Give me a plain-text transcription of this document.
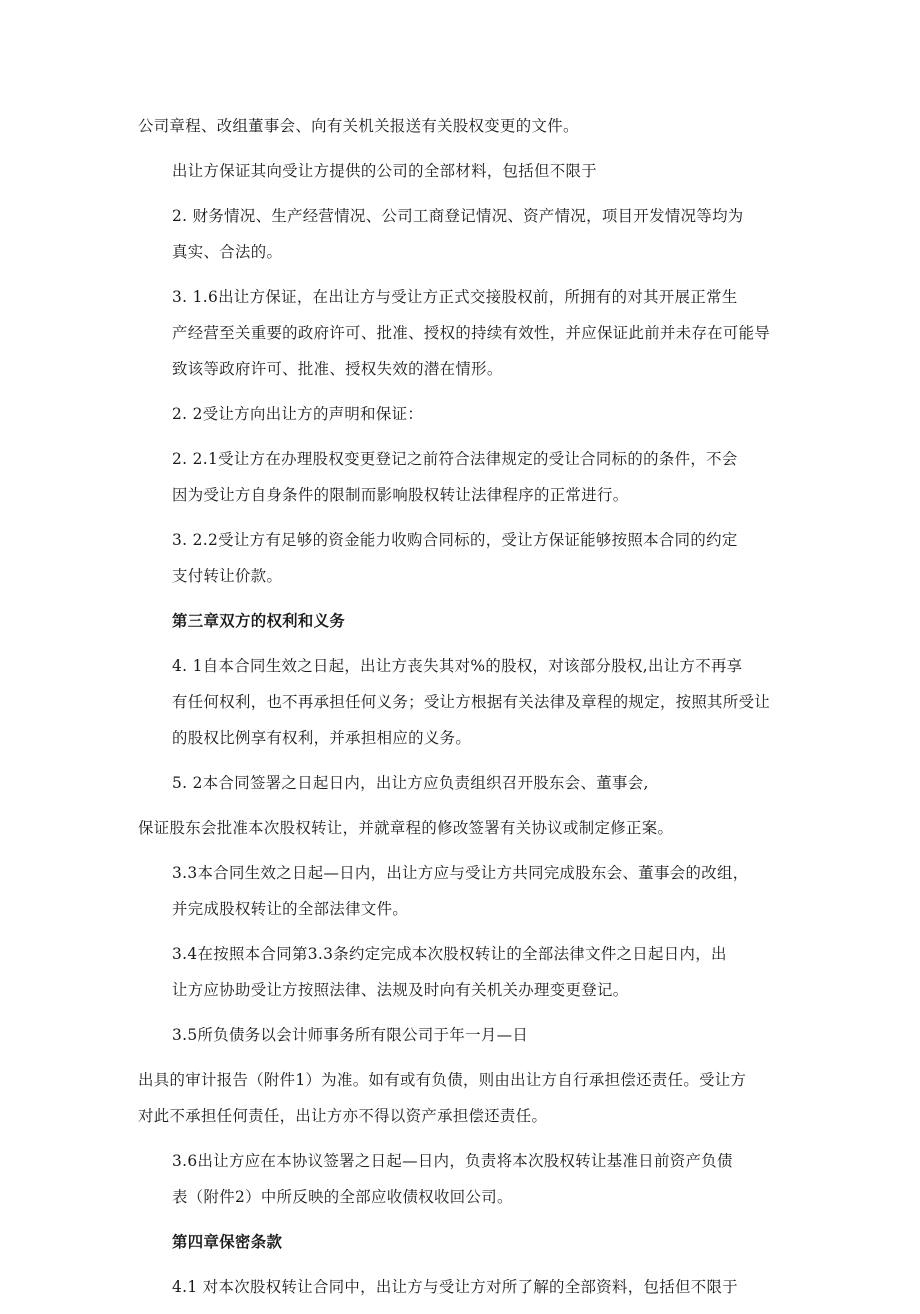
公司章程、改组董事会、向有关机关报送有关股权变更的文件。

出让方保证其向受让方提供的公司的全部材料，包括但不限于

2. 财务情况、生产经营情况、公司工商登记情况、资产情况，项目开发情况等均为
真实、合法的。

3. 1.6出让方保证，在出让方与受让方正式交接股权前，所拥有的对其开展正常生
产经营至关重要的政府许可、批准、授权的持续有效性，并应保证此前并未存在可能导
致该等政府许可、批准、授权失效的潜在情形。

2. 2受让方向出让方的声明和保证：

2. 2.1受让方在办理股权变更登记之前符合法律规定的受让合同标的的条件，不会
因为受让方自身条件的限制而影响股权转让法律程序的正常进行。

3. 2.2受让方有足够的资金能力收购合同标的，受让方保证能够按照本合同的约定
支付转让价款。

第三章双方的权利和义务

4. 1自本合同生效之日起，出让方丧失其对%的股权，对该部分股权,出让方不再享
有任何权利，也不再承担任何义务；受让方根据有关法律及章程的规定，按照其所受让
的股权比例享有权利，并承担相应的义务。

5. 2本合同签署之日起日内，出让方应负责组织召开股东会、董事会,

保证股东会批准本次股权转让，并就章程的修改签署有关协议或制定修正案。

3.3本合同生效之日起—日内，出让方应与受让方共同完成股东会、董事会的改组，
并完成股权转让的全部法律文件。

3.4在按照本合同第3.3条约定完成本次股权转让的全部法律文件之日起日内，出
让方应协助受让方按照法律、法规及时向有关机关办理变更登记。

3.5所负债务以会计师事务所有限公司于年一月—日

出具的审计报告（附件1）为准。如有或有负债，则由出让方自行承担偿还责任。受让方
对此不承担任何责任，出让方亦不得以资产承担偿还责任。

3.6出让方应在本协议签署之日起—日内，负责将本次股权转让基准日前资产负债
表（附件2）中所反映的全部应收债权收回公司。

第四章保密条款

4.1 对本次股权转让合同中，出让方与受让方对所了解的全部资料，包括但不限于
